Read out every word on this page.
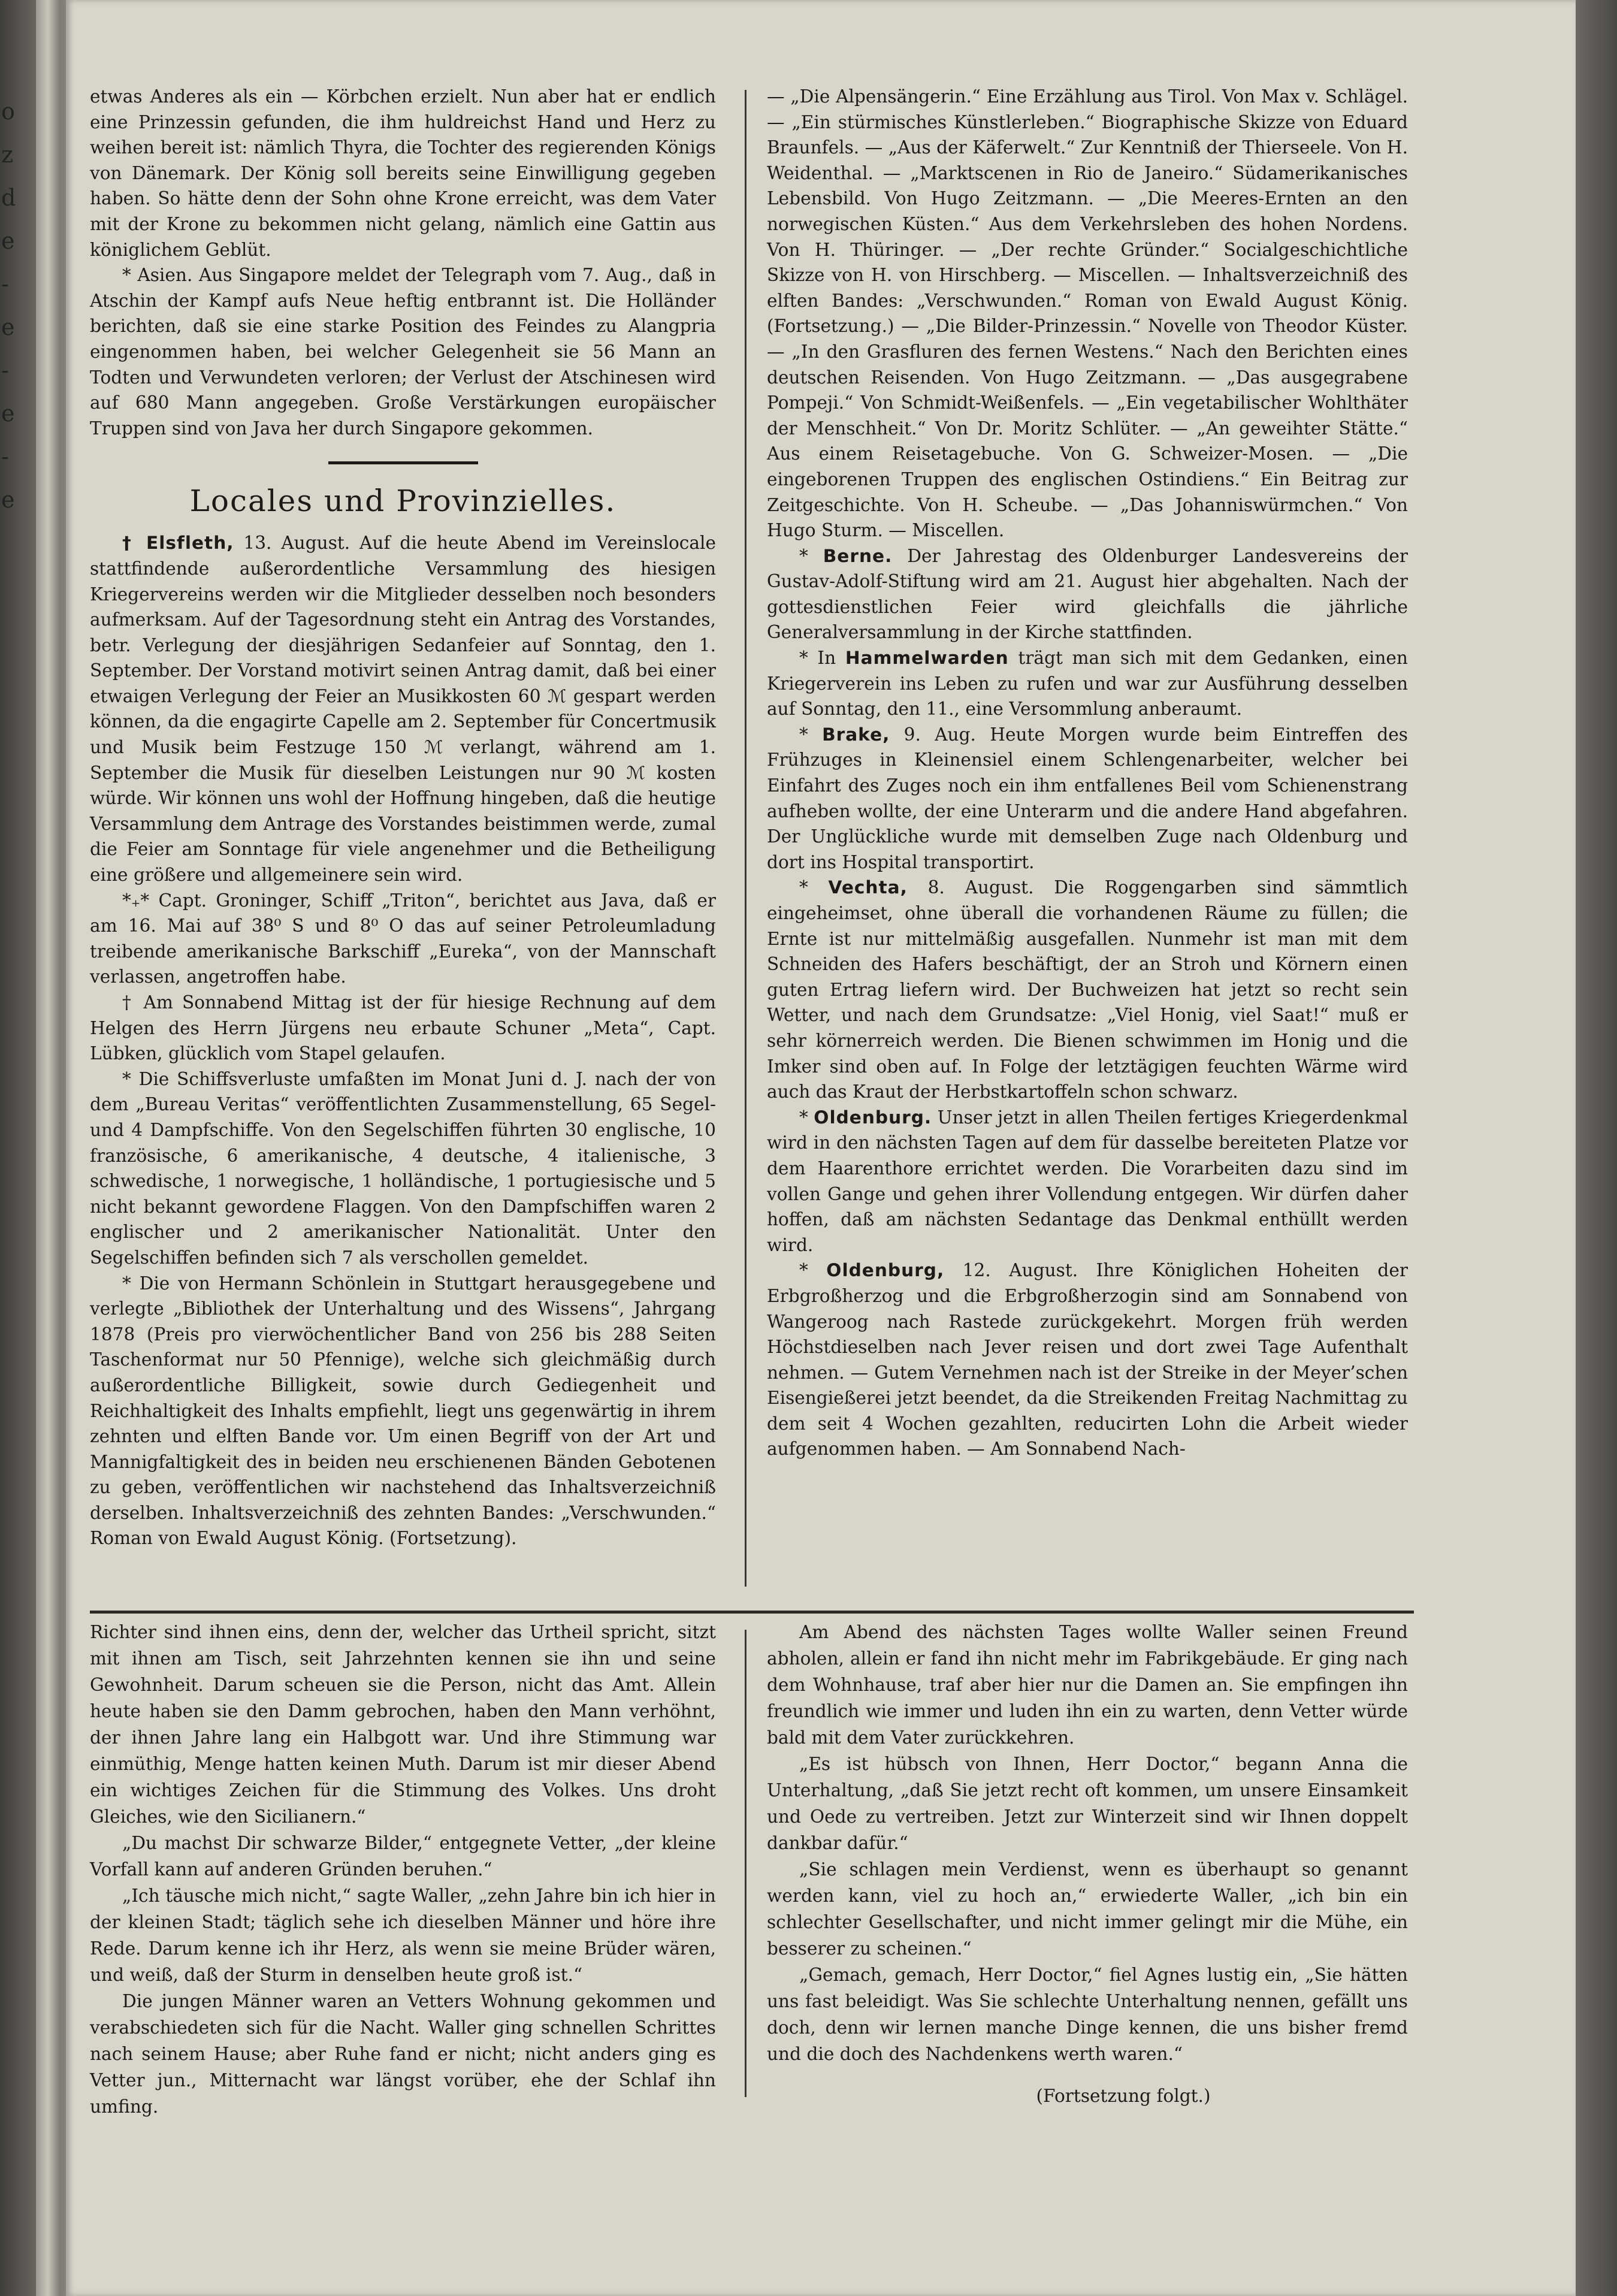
o
z
d
e
-
e
-
e
-
e

etwas Anderes als ein — Körbchen erzielt. Nun aber hat er endlich eine Prinzessin gefunden, die ihm huldreichst Hand und Herz zu weihen bereit ist: nämlich Thyra, die Tochter des regierenden Königs von Dänemark. Der König soll bereits seine Einwilligung gegeben haben. So hätte denn der Sohn ohne Krone erreicht, was dem Vater mit der Krone zu bekommen nicht gelang, nämlich eine Gattin aus königlichem Geblüt.

* Asien. Aus Singapore meldet der Telegraph vom 7. Aug., daß in Atschin der Kampf aufs Neue heftig entbrannt ist. Die Holländer berichten, daß sie eine starke Position des Feindes zu Alangpria eingenommen haben, bei welcher Gelegenheit sie 56 Mann an Todten und Verwundeten verloren; der Verlust der Atschinesen wird auf 680 Mann angegeben. Große Verstärkungen europäischer Truppen sind von Java her durch Singapore gekommen.

Locales und Provinzielles.

† Elsfleth, 13. August. Auf die heute Abend im Vereinslocale stattfindende außerordentliche Versammlung des hiesigen Kriegervereins werden wir die Mitglieder desselben noch besonders aufmerksam. Auf der Tagesordnung steht ein Antrag des Vorstandes, betr. Verlegung der diesjährigen Sedanfeier auf Sonntag, den 1. September. Der Vorstand motivirt seinen Antrag damit, daß bei einer etwaigen Verlegung der Feier an Musikkosten 60 ℳ gespart werden können, da die engagirte Capelle am 2. September für Concertmusik und Musik beim Festzuge 150 ℳ verlangt, während am 1. September die Musik für dieselben Leistungen nur 90 ℳ kosten würde. Wir können uns wohl der Hoffnung hingeben, daß die heutige Versammlung dem Antrage des Vorstandes beistimmen werde, zumal die Feier am Sonntage für viele angenehmer und die Betheiligung eine größere und allgemeinere sein wird.

*₊* Capt. Groninger, Schiff „Triton“, berichtet aus Java, daß er am 16. Mai auf 38⁰ S und 8⁰ O das auf seiner Petroleumladung treibende amerikanische Barkschiff „Eureka“, von der Mannschaft verlassen, angetroffen habe.

† Am Sonnabend Mittag ist der für hiesige Rechnung auf dem Helgen des Herrn Jürgens neu erbaute Schuner „Meta“, Capt. Lübken, glücklich vom Stapel gelaufen.

* Die Schiffsverluste umfaßten im Monat Juni d. J. nach der von dem „Bureau Veritas“ veröffentlichten Zusammenstellung, 65 Segel- und 4 Dampfschiffe. Von den Segelschiffen führten 30 englische, 10 französische, 6 amerikanische, 4 deutsche, 4 italienische, 3 schwedische, 1 norwegische, 1 holländische, 1 portugiesische und 5 nicht bekannt gewordene Flaggen. Von den Dampfschiffen waren 2 englischer und 2 amerikanischer Nationalität. Unter den Segelschiffen befinden sich 7 als verschollen gemeldet.

* Die von Hermann Schönlein in Stuttgart herausgegebene und verlegte „Bibliothek der Unterhaltung und des Wissens“, Jahrgang 1878 (Preis pro vierwöchentlicher Band von 256 bis 288 Seiten Taschenformat nur 50 Pfennige), welche sich gleichmäßig durch außerordentliche Billigkeit, sowie durch Gediegenheit und Reichhaltigkeit des Inhalts empfiehlt, liegt uns gegenwärtig in ihrem zehnten und elften Bande vor. Um einen Begriff von der Art und Mannigfaltigkeit des in beiden neu erschienenen Bänden Gebotenen zu geben, veröffentlichen wir nachstehend das Inhaltsverzeichniß derselben. Inhaltsverzeichniß des zehnten Bandes: „Verschwunden.“ Roman von Ewald August König. (Fortsetzung).

— „Die Alpensängerin.“ Eine Erzählung aus Tirol. Von Max v. Schlägel. — „Ein stürmisches Künstlerleben.“ Biographische Skizze von Eduard Braunfels. — „Aus der Käferwelt.“ Zur Kenntniß der Thierseele. Von H. Weidenthal. — „Marktscenen in Rio de Janeiro.“ Südamerikanisches Lebensbild. Von Hugo Zeitzmann. — „Die Meeres-Ernten an den norwegischen Küsten.“ Aus dem Verkehrsleben des hohen Nordens. Von H. Thüringer. — „Der rechte Gründer.“ Socialgeschichtliche Skizze von H. von Hirschberg. — Miscellen. — Inhaltsverzeichniß des elften Bandes: „Verschwunden.“ Roman von Ewald August König. (Fortsetzung.) — „Die Bilder-Prinzessin.“ Novelle von Theodor Küster. — „In den Grasfluren des fernen Westens.“ Nach den Berichten eines deutschen Reisenden. Von Hugo Zeitzmann. — „Das ausgegrabene Pompeji.“ Von Schmidt-Weißenfels. — „Ein vegetabilischer Wohlthäter der Menschheit.“ Von Dr. Moritz Schlüter. — „An geweihter Stätte.“ Aus einem Reisetagebuche. Von G. Schweizer-Mosen. — „Die eingeborenen Truppen des englischen Ostindiens.“ Ein Beitrag zur Zeitgeschichte. Von H. Scheube. — „Das Johanniswürmchen.“ Von Hugo Sturm. — Miscellen.

* Berne. Der Jahrestag des Oldenburger Landesvereins der Gustav-Adolf-Stiftung wird am 21. August hier abgehalten. Nach der gottesdienstlichen Feier wird gleichfalls die jährliche Generalversammlung in der Kirche stattfinden.

* In Hammelwarden trägt man sich mit dem Gedanken, einen Kriegerverein ins Leben zu rufen und war zur Ausführung desselben auf Sonntag, den 11., eine Versommlung anberaumt.

* Brake, 9. Aug. Heute Morgen wurde beim Eintreffen des Frühzuges in Kleinensiel einem Schlengenarbeiter, welcher bei Einfahrt des Zuges noch ein ihm entfallenes Beil vom Schienenstrang aufheben wollte, der eine Unterarm und die andere Hand abgefahren. Der Unglückliche wurde mit demselben Zuge nach Oldenburg und dort ins Hospital transportirt.

* Vechta, 8. August. Die Roggengarben sind sämmtlich eingeheimset, ohne überall die vorhandenen Räume zu füllen; die Ernte ist nur mittelmäßig ausgefallen. Nunmehr ist man mit dem Schneiden des Hafers beschäftigt, der an Stroh und Körnern einen guten Ertrag liefern wird. Der Buchweizen hat jetzt so recht sein Wetter, und nach dem Grundsatze: „Viel Honig, viel Saat!“ muß er sehr körnerreich werden. Die Bienen schwimmen im Honig und die Imker sind oben auf. In Folge der letztägigen feuchten Wärme wird auch das Kraut der Herbstkartoffeln schon schwarz.

* Oldenburg. Unser jetzt in allen Theilen fertiges Kriegerdenkmal wird in den nächsten Tagen auf dem für dasselbe bereiteten Platze vor dem Haarenthore errichtet werden. Die Vorarbeiten dazu sind im vollen Gange und gehen ihrer Vollendung entgegen. Wir dürfen daher hoffen, daß am nächsten Sedantage das Denkmal enthüllt werden wird.

* Oldenburg, 12. August. Ihre Königlichen Hoheiten der Erbgroßherzog und die Erbgroßherzogin sind am Sonnabend von Wangeroog nach Rastede zurückgekehrt. Morgen früh werden Höchstdieselben nach Jever reisen und dort zwei Tage Aufenthalt nehmen. — Gutem Vernehmen nach ist der Streike in der Meyer’schen Eisengießerei jetzt beendet, da die Streikenden Freitag Nachmittag zu dem seit 4 Wochen gezahlten, reducirten Lohn die Arbeit wieder aufgenommen haben. — Am Sonnabend Nach-

Richter sind ihnen eins, denn der, welcher das Urtheil spricht, sitzt mit ihnen am Tisch, seit Jahrzehnten kennen sie ihn und seine Gewohnheit. Darum scheuen sie die Person, nicht das Amt. Allein heute haben sie den Damm gebrochen, haben den Mann verhöhnt, der ihnen Jahre lang ein Halbgott war. Und ihre Stimmung war einmüthig, Menge hatten keinen Muth. Darum ist mir dieser Abend ein wichtiges Zeichen für die Stimmung des Volkes. Uns droht Gleiches, wie den Sicilianern.“

„Du machst Dir schwarze Bilder,“ entgegnete Vetter, „der kleine Vorfall kann auf anderen Gründen beruhen.“

„Ich täusche mich nicht,“ sagte Waller, „zehn Jahre bin ich hier in der kleinen Stadt; täglich sehe ich dieselben Männer und höre ihre Rede. Darum kenne ich ihr Herz, als wenn sie meine Brüder wären, und weiß, daß der Sturm in denselben heute groß ist.“

Die jungen Männer waren an Vetters Wohnung gekommen und verabschiedeten sich für die Nacht. Waller ging schnellen Schrittes nach seinem Hause; aber Ruhe fand er nicht; nicht anders ging es Vetter jun., Mitternacht war längst vorüber, ehe der Schlaf ihn umfing.

Am Abend des nächsten Tages wollte Waller seinen Freund abholen, allein er fand ihn nicht mehr im Fabrikgebäude. Er ging nach dem Wohnhause, traf aber hier nur die Damen an. Sie empfingen ihn freundlich wie immer und luden ihn ein zu warten, denn Vetter würde bald mit dem Vater zurückkehren.

„Es ist hübsch von Ihnen, Herr Doctor,“ begann Anna die Unterhaltung, „daß Sie jetzt recht oft kommen, um unsere Einsamkeit und Oede zu vertreiben. Jetzt zur Winterzeit sind wir Ihnen doppelt dankbar dafür.“

„Sie schlagen mein Verdienst, wenn es überhaupt so genannt werden kann, viel zu hoch an,“ erwiederte Waller, „ich bin ein schlechter Gesellschafter, und nicht immer gelingt mir die Mühe, ein besserer zu scheinen.“

„Gemach, gemach, Herr Doctor,“ fiel Agnes lustig ein, „Sie hätten uns fast beleidigt. Was Sie schlechte Unterhaltung nennen, gefällt uns doch, denn wir lernen manche Dinge kennen, die uns bisher fremd und die doch des Nachdenkens werth waren.“

(Fortsetzung folgt.)
